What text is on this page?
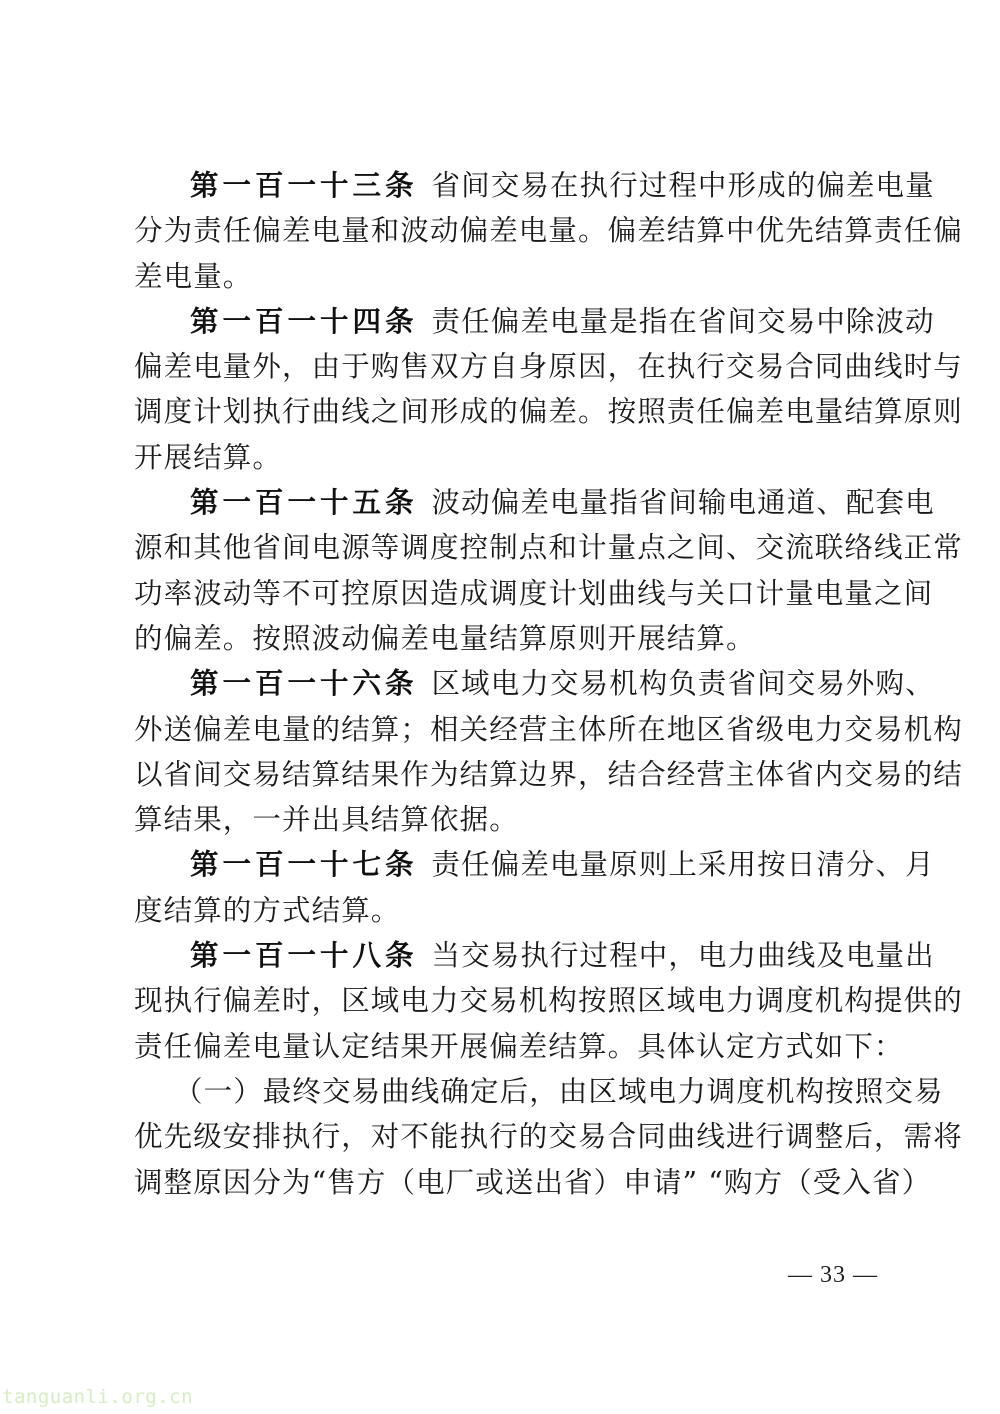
第一百一十三条 省间交易在执行过程中形成的偏差电量
分为责任偏差电量和波动偏差电量。偏差结算中优先结算责任偏
差电量。
第一百一十四条 责任偏差电量是指在省间交易中除波动
偏差电量外，由于购售双方自身原因，在执行交易合同曲线时与
调度计划执行曲线之间形成的偏差。按照责任偏差电量结算原则
开展结算。
第一百一十五条 波动偏差电量指省间输电通道、配套电
源和其他省间电源等调度控制点和计量点之间、交流联络线正常
功率波动等不可控原因造成调度计划曲线与关口计量电量之间
的偏差。按照波动偏差电量结算原则开展结算。
第一百一十六条 区域电力交易机构负责省间交易外购、
外送偏差电量的结算；相关经营主体所在地区省级电力交易机构
以省间交易结算结果作为结算边界，结合经营主体省内交易的结
算结果，一并出具结算依据。
第一百一十七条 责任偏差电量原则上采用按日清分、月
度结算的方式结算。
第一百一十八条 当交易执行过程中，电力曲线及电量出
现执行偏差时，区域电力交易机构按照区域电力调度机构提供的
责任偏差电量认定结果开展偏差结算。具体认定方式如下：
（一）最终交易曲线确定后，由区域电力调度机构按照交易
优先级安排执行，对不能执行的交易合同曲线进行调整后，需将
调整原因分为“售方（电厂或送出省）申请” “购方（受入省）
— 33 —
tanguanli.org.cn
